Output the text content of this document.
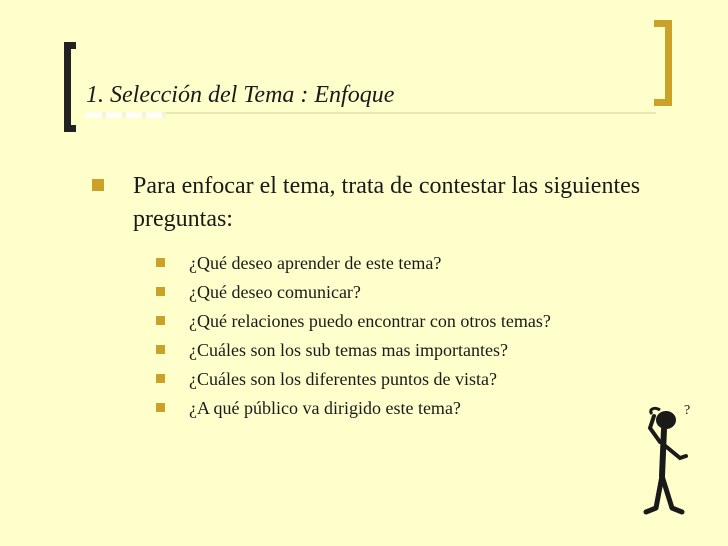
1. Selección del Tema : Enfoque
Para enfocar el tema, trata de contestar las siguientes preguntas:
¿Qué deseo aprender de este tema?
¿Qué deseo comunicar?
¿Qué relaciones puedo encontrar con otros temas?
¿Cuáles son los sub temas mas importantes?
¿Cuáles son los diferentes puntos de vista?
¿A qué público va dirigido este tema?	?
